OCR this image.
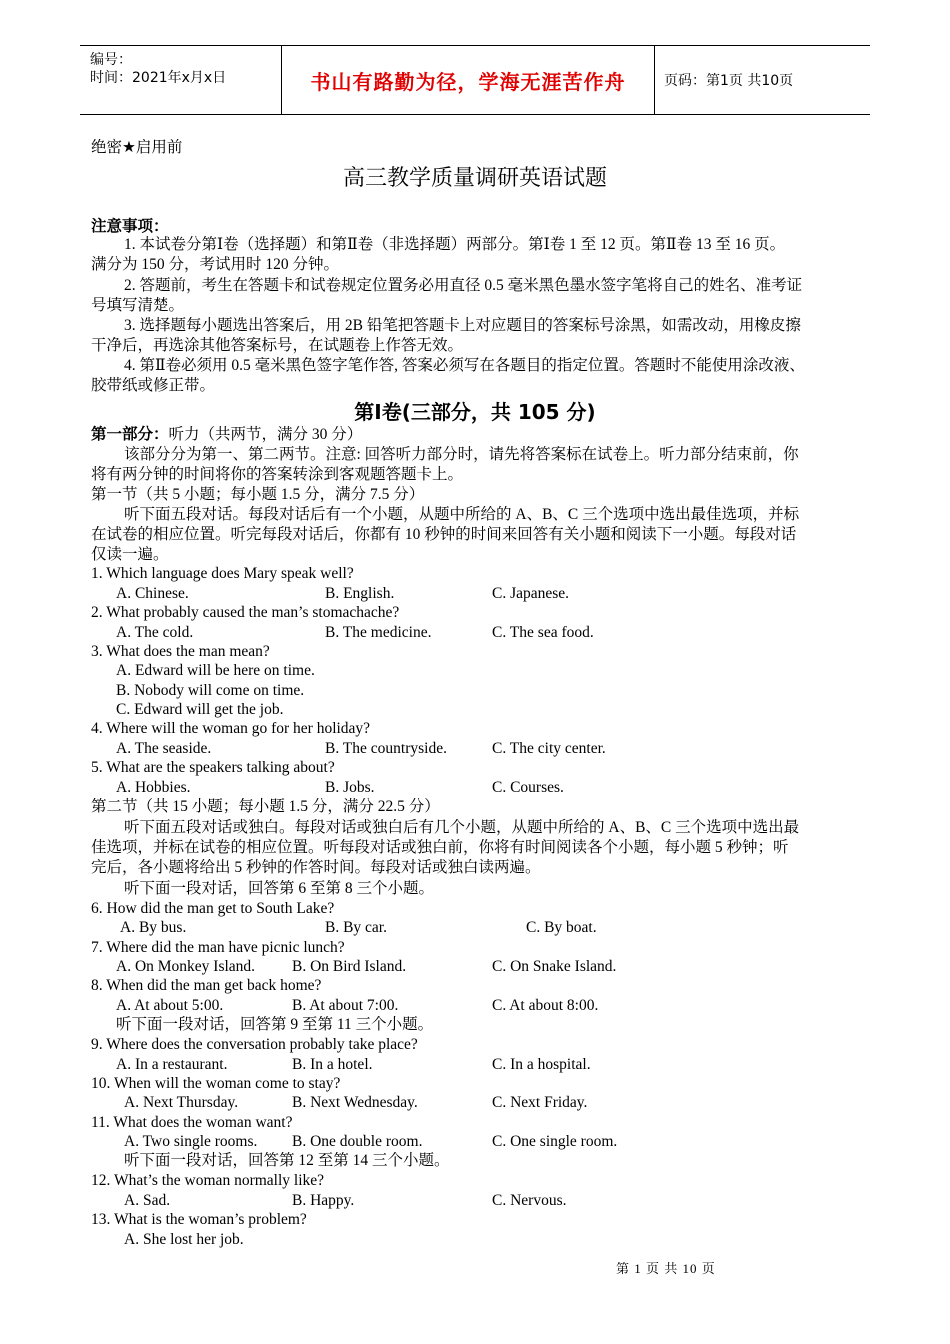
编号：
时间：2021年x月x日	书山有路勤为径，学海无涯苦作舟	页码：第1页 共10页
绝密★启用前
高三教学质量调研英语试题
注意事项：
1. 本试卷分第Ⅰ卷（选择题）和第Ⅱ卷（非选择题）两部分。第Ⅰ卷 1 至 12 页。第Ⅱ卷 13 至 16 页。
满分为 150 分，考试用时 120 分钟。
2. 答题前，考生在答题卡和试卷规定位置务必用直径 0.5 毫米黑色墨水签字笔将自己的姓名、准考证
号填写清楚。
3. 选择题每小题选出答案后，用 2B 铅笔把答题卡上对应题目的答案标号涂黑，如需改动，用橡皮擦
干净后，再选涂其他答案标号，在试题卷上作答无效。
4. 第Ⅱ卷必须用 0.5 毫米黑色签字笔作答, 答案必须写在各题目的指定位置。答题时不能使用涂改液、
胶带纸或修正带。
第Ⅰ卷(三部分，共 105 分)
第一部分：听力（共两节，满分 30 分）
该部分分为第一、第二两节。注意: 回答听力部分时，请先将答案标在试卷上。听力部分结束前，你
将有两分钟的时间将你的答案转涂到客观题答题卡上。
第一节（共 5 小题；每小题 1.5 分，满分 7.5 分）
听下面五段对话。每段对话后有一个小题，从题中所给的 A、B、C 三个选项中选出最佳选项，并标
在试卷的相应位置。听完每段对话后，你都有 10 秒钟的时间来回答有关小题和阅读下一小题。每段对话
仅读一遍。
1. Which language does Mary speak well?
A. Chinese.	B. English.	C. Japanese.
2. What probably caused the man’s stomachache?
A. The cold.	B. The medicine.	C. The sea food.
3. What does the man mean?
A. Edward will be here on time.
B. Nobody will come on time.
C. Edward will get the job.
4. Where will the woman go for her holiday?
A. The seaside.	B. The countryside.	C. The city center.
5. What are the speakers talking about?
A. Hobbies.	B. Jobs.	C. Courses.
第二节（共 15 小题；每小题 1.5 分，满分 22.5 分）
听下面五段对话或独白。每段对话或独白后有几个小题，从题中所给的 A、B、C 三个选项中选出最
佳选项，并标在试卷的相应位置。听每段对话或独白前，你将有时间阅读各个小题，每小题 5 秒钟；听
完后，各小题将给出 5 秒钟的作答时间。每段对话或独白读两遍。
听下面一段对话，回答第 6 至第 8 三个小题。
6. How did the man get to South Lake?
A. By bus.	B. By car.	C. By boat.
7. Where did the man have picnic lunch?
A. On Monkey Island. B. On Bird Island.	C. On Snake Island.
8. When did the man get back home?
A. At about 5:00.	B. At about 7:00.	C. At about 8:00.
听下面一段对话，回答第 9 至第 11 三个小题。
9. Where does the conversation probably take place?
A. In a restaurant.	B. In a hotel.	C. In a hospital.
10. When will the woman come to stay?
A. Next Thursday.	B. Next Wednesday.	C. Next Friday.
11. What does the woman want?
A. Two single rooms. B. One double room.	C. One single room.
听下面一段对话，回答第 12 至第 14 三个小题。
12. What’s the woman normally like?
A. Sad.	B. Happy.	C. Nervous.
13. What is the woman’s problem?
A. She lost her job.
第 1 页 共 10 页
